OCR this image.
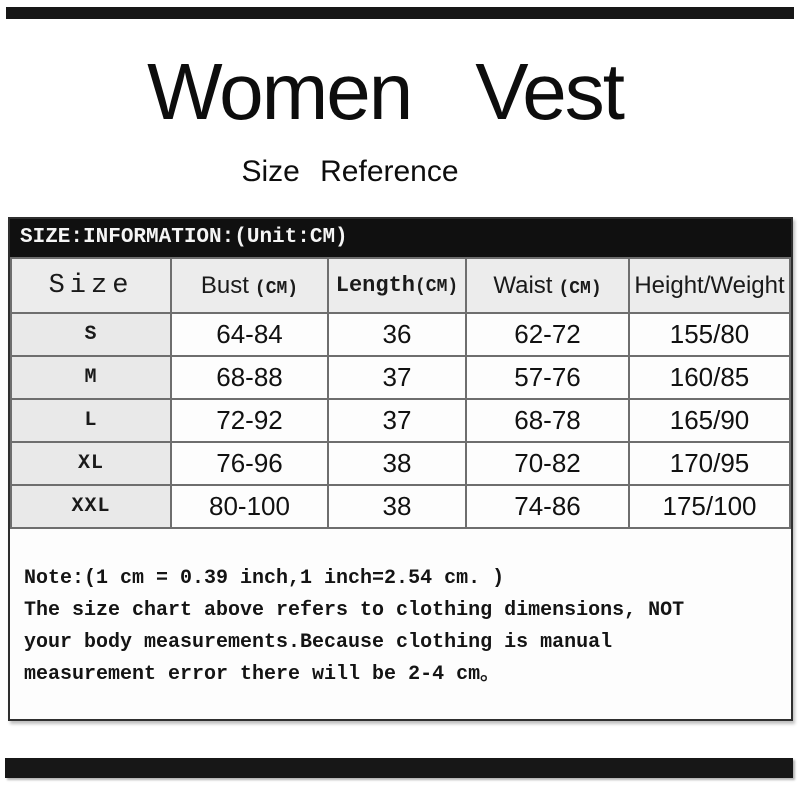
Women Vest
Size Reference
SIZE:INFORMATION:(Unit:CM)
Size	Bust (CM)	Length(CM)	Waist (CM)	Height/Weight
S	64-84	36	62-72	155/80
M	68-88	37	57-76	160/85
L	72-92	37	68-78	165/90
XL	76-96	38	70-82	170/95
XXL	80-100	38	74-86	175/100
Note:(1 cm = 0.39 inch,1 inch=2.54 cm. )
The size chart above refers to clothing dimensions, NOT
your body measurements.Because clothing is manual
measurement error there will be 2-4 cm。
